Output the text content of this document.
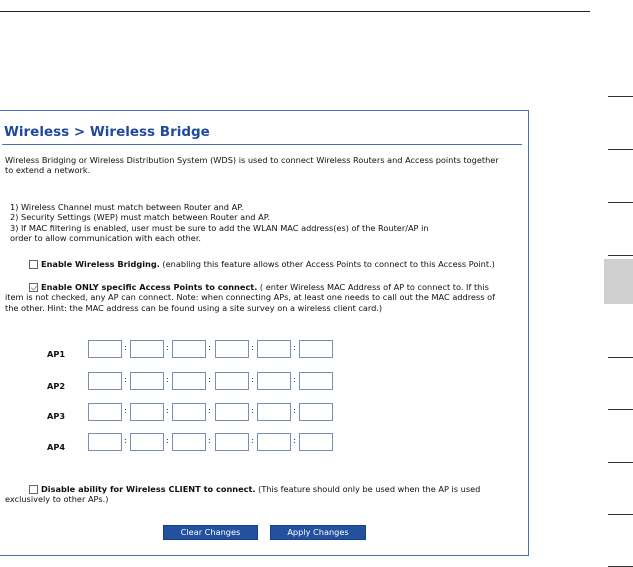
Wireless > Wireless Bridge
Wireless Bridging or Wireless Distribution System (WDS) is used to connect Wireless Routers and Access points together to extend a network.
1) Wireless Channel must match between Router and AP.
2) Security Settings (WEP) must match between Router and AP.
3) If MAC filtering is enabled, user must be sure to add the WLAN MAC address(es) of the Router/AP in
order to allow communication with each other.
Enable Wireless Bridging. (enabling this feature allows other Access Points to connect to this Access Point.)
Enable ONLY specific Access Points to connect. ( enter Wireless MAC Address of AP to connect to. If this item is not checked, any AP can connect. Note: when connecting APs, at least one needs to call out the MAC address of the other. Hint: the MAC address can be found using a site survey on a wireless client card.)
AP1
:	:	:	:	:
AP2
:	:	:	:	:
AP3
:	:	:	:	:
AP4
:	:	:	:	:
Disable ability for Wireless CLIENT to connect. (This feature should only be used when the AP is used exclusively to other APs.)
Clear Changes	Apply Changes
